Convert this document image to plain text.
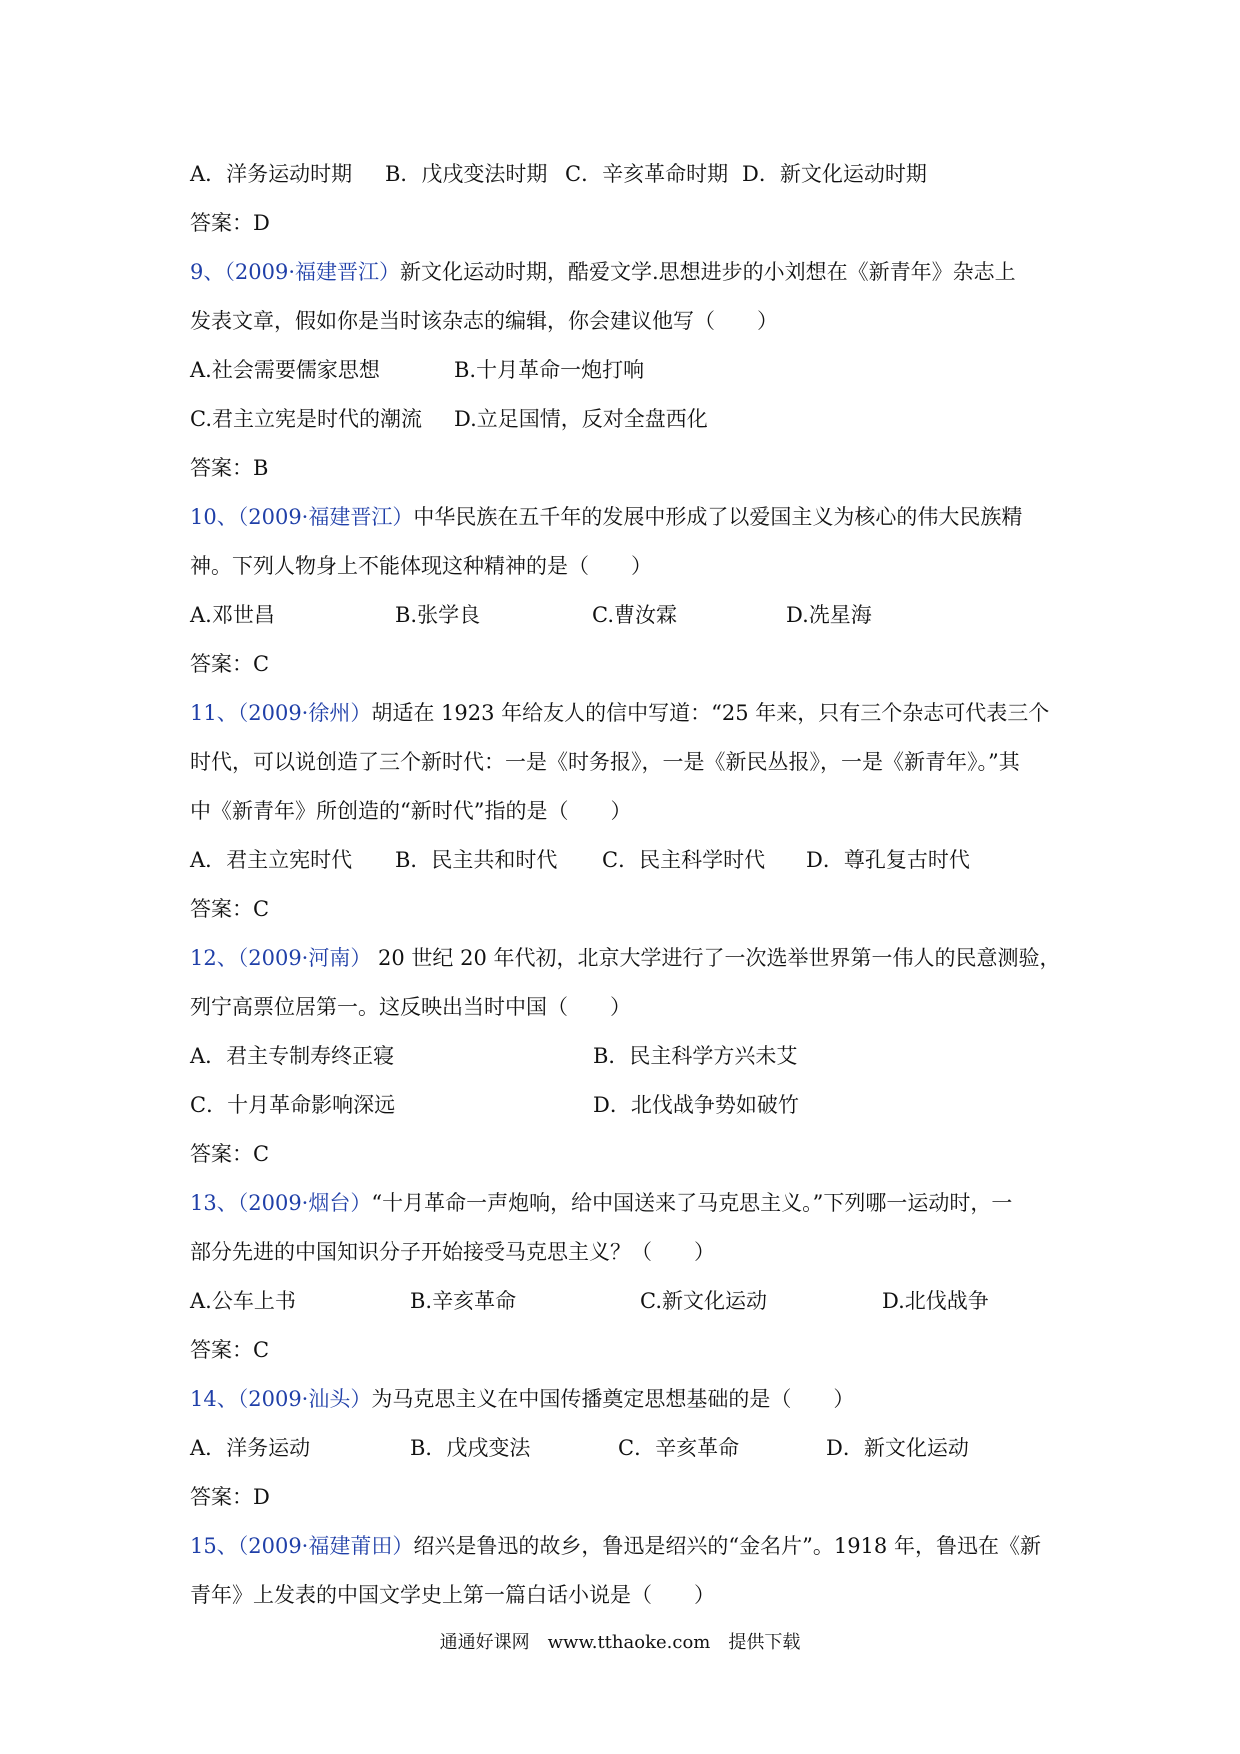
A．洋务运动时期 B．戊戌变法时期 C．辛亥革命时期 D．新文化运动时期
答案：D
9、（2009·福建晋江）新文化运动时期，酷爱文学.思想进步的小刘想在《新青年》杂志上
发表文章，假如你是当时该杂志的编辑，你会建议他写（　　）
A.社会需要儒家思想	B.十月革命一炮打响
C.君主立宪是时代的潮流 D.立足国情，反对全盘西化
答案：B
10、（2009·福建晋江）中华民族在五千年的发展中形成了以爱国主义为核心的伟大民族精
神。下列人物身上不能体现这种精神的是（　　）
A.邓世昌	B.张学良	C.曹汝霖	D.冼星海
答案：C
11、（2009·徐州）胡适在 1923 年给友人的信中写道：“25 年来，只有三个杂志可代表三个
时代，可以说创造了三个新时代：一是《时务报》，一是《新民丛报》，一是《新青年》。”其
中《新青年》所创造的“新时代”指的是（　　）
A．君主立宪时代 B．民主共和时代 C．民主科学时代 D．尊孔复古时代
答案：C
12、（2009·河南） 20 世纪 20 年代初，北京大学进行了一次选举世界第一伟人的民意测验，
列宁高票位居第一。这反映出当时中国（　　）
A．君主专制寿终正寝	B．民主科学方兴未艾
C．十月革命影响深远	D．北伐战争势如破竹
答案：C
13、（2009·烟台）“十月革命一声炮响，给中国送来了马克思主义。”下列哪一运动时，一
部分先进的中国知识分子开始接受马克思主义？（　　）
A.公车上书	B.辛亥革命	C.新文化运动	D.北伐战争
答案：C
14、（2009·汕头）为马克思主义在中国传播奠定思想基础的是（　　）
A．洋务运动	B．戊戌变法	C．辛亥革命	D．新文化运动
答案：D
15、（2009·福建莆田）绍兴是鲁迅的故乡，鲁迅是绍兴的“金名片”。1918 年，鲁迅在《新
青年》上发表的中国文学史上第一篇白话小说是（　　）
通通好课网　www.tthaoke.com　提供下载
